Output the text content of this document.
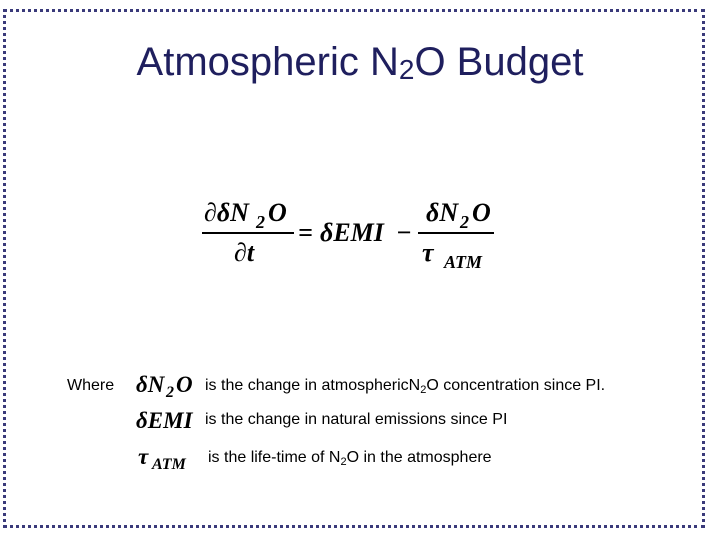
Atmospheric $N_2O$ Budget
∂δN 2 O
∂t
= δEMI −
δN 2 O
τ ATM
Where δN 2 O is the change in atmosphericN$_2$O concentration since PI.
δEMI is the change in natural emissions since PI
τ ATM is the life-time of $N_2O$ in the atmosphere
